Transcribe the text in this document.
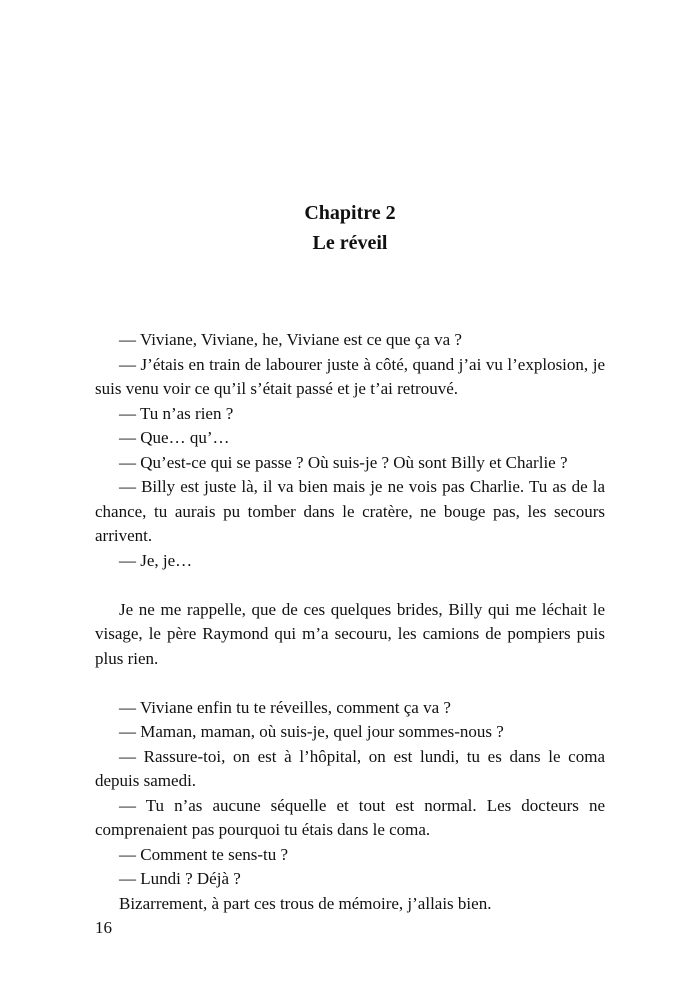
Chapitre 2
Le réveil

— Viviane, Viviane, he, Viviane est ce que ça va ?

— J’étais en train de labourer juste à côté, quand j’ai vu l’explosion, je suis venu voir ce qu’il s’était passé et je t’ai retrouvé.

— Tu n’as rien ?

— Que… qu’…

— Qu’est-ce qui se passe ? Où suis-je ? Où sont Billy et Charlie ?

— Billy est juste là, il va bien mais je ne vois pas Charlie. Tu as de la chance, tu aurais pu tomber dans le cratère, ne bouge pas, les secours arrivent.

— Je, je…

Je ne me rappelle, que de ces quelques brides, Billy qui me léchait le visage, le père Raymond qui m’a secouru, les camions de pompiers puis plus rien.

— Viviane enfin tu te réveilles, comment ça va ?

— Maman, maman, où suis-je, quel jour sommes-nous ?

— Rassure-toi, on est à l’hôpital, on est lundi, tu es dans le coma depuis samedi.

— Tu n’as aucune séquelle et tout est normal. Les docteurs ne comprenaient pas pourquoi tu étais dans le coma.

— Comment te sens-tu ?

— Lundi ? Déjà ?

Bizarrement, à part ces trous de mémoire, j’allais bien.

16
